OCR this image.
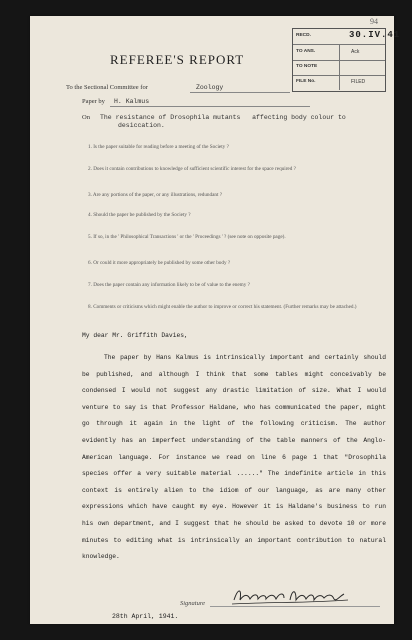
94
RECD.	30.IV.41
TO ANS.	Ack
TO NOTE
FILE No.	FILED
REFEREE'S REPORT
To the Sectional Committee for	Zoology
Paper by H. Kalmus
On The resistance of Drosophila mutants   affecting body colour to
desiccation.
1. Is the paper suitable for reading before a meeting of the Society ?
2. Does it contain contributions to knowledge of sufficient scientific interest for the space required ?
3. Are any portions of the paper, or any illustrations, redundant ?
4. Should the paper be published by the Society ?
5. If so, in the ' Philosophical Transactions ' or the ' Proceedings ' ? (see note on opposite page).
6. Or could it more appropriately be published by some other body ?
7. Does the paper contain any information likely to be of value to the enemy ?
8. Comments or criticisms which might enable the author to improve or correct his statement. (Further remarks may be attached.)
My dear Mr. Griffith Davies,
The paper by Hans Kalmus is intrinsically important and certainly should be published, and although I think that some tables might conceivably be condensed I would not suggest any drastic limitation of size. What I would venture to say is that Professor Haldane, who has communicated the paper, might go through it again in the light of the following criticism. The author evidently has an imperfect understanding of the table manners of the Anglo-American language. For instance we read on line 6 page 1 that "Drosophila species offer a very suitable material ......" The indefinite article in this context is entirely alien to the idiom of our language, as are many other expressions which have caught my eye. However it is Haldane's business to run his own department, and I suggest that he should be asked to devote 10 or more minutes to editing what is intrinsically an important contribution to natural knowledge.
Signature
28th April, 1941.
